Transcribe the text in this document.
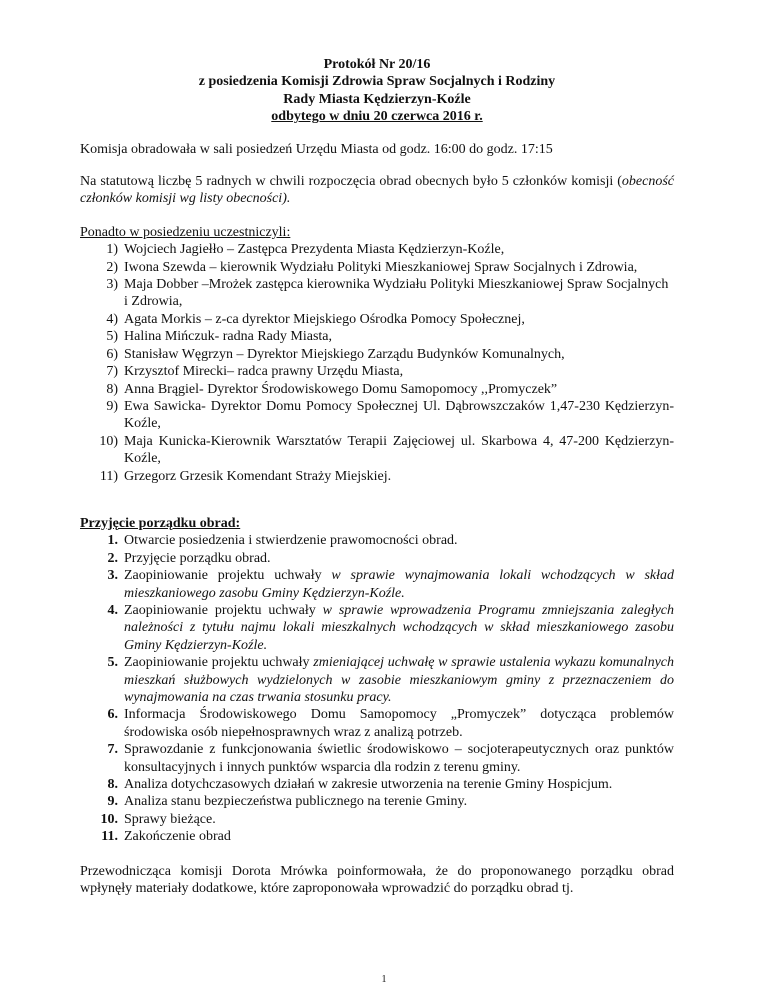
Protokół Nr 20/16
z posiedzenia Komisji Zdrowia Spraw Socjalnych i Rodziny
Rady Miasta Kędzierzyn-Koźle
odbytego w dniu 20 czerwca 2016 r.
Komisja obradowała w sali posiedzeń Urzędu Miasta od godz. 16:00 do godz. 17:15
Na statutową liczbę 5 radnych w chwili rozpoczęcia obrad obecnych było 5 członków komisji (obecność członków komisji wg listy obecności).
Ponadto w posiedzeniu uczestniczyli:
1) Wojciech Jagiełło – Zastępca Prezydenta Miasta Kędzierzyn-Koźle,
2) Iwona Szewda – kierownik Wydziału Polityki Mieszkaniowej Spraw Socjalnych i Zdrowia,
3) Maja Dobber –Mrożek zastępca kierownika Wydziału Polityki Mieszkaniowej Spraw Socjalnych
i Zdrowia,
4) Agata Morkis – z-ca dyrektor Miejskiego Ośrodka Pomocy Społecznej,
5) Halina Mińczuk- radna Rady Miasta,
6) Stanisław Węgrzyn – Dyrektor Miejskiego Zarządu Budynków Komunalnych,
7) Krzysztof Mirecki– radca prawny Urzędu Miasta,
8) Anna Brągiel- Dyrektor Środowiskowego Domu Samopomocy ,,Promyczek”
9) Ewa Sawicka- Dyrektor Domu Pomocy Społecznej Ul. Dąbrowszczaków 1,47-230 Kędzierzyn-Koźle,
10) Maja Kunicka-Kierownik Warsztatów Terapii Zajęciowej ul. Skarbowa 4, 47-200 Kędzierzyn-Koźle,
11) Grzegorz Grzesik Komendant Straży Miejskiej.
Przyjęcie porządku obrad:
1. Otwarcie posiedzenia i stwierdzenie prawomocności obrad.
2. Przyjęcie porządku obrad.
3. Zaopiniowanie projektu uchwały w sprawie wynajmowania lokali wchodzących w skład mieszkaniowego zasobu Gminy Kędzierzyn-Koźle.
4. Zaopiniowanie projektu uchwały w sprawie wprowadzenia Programu zmniejszania zaległych należności z tytułu najmu lokali mieszkalnych wchodzących w skład mieszkaniowego zasobu Gminy Kędzierzyn-Koźle.
5. Zaopiniowanie projektu uchwały zmieniającej uchwałę w sprawie ustalenia wykazu komunalnych mieszkań służbowych wydzielonych w zasobie mieszkaniowym gminy z przeznaczeniem do wynajmowania na czas trwania stosunku pracy.
6. Informacja Środowiskowego Domu Samopomocy „Promyczek” dotycząca problemów środowiska osób niepełnosprawnych wraz z analizą potrzeb.
7. Sprawozdanie z funkcjonowania świetlic środowiskowo – socjoterapeutycznych oraz punktów konsultacyjnych i innych punktów wsparcia dla rodzin z terenu gminy.
8. Analiza dotychczasowych działań w zakresie utworzenia na terenie Gminy Hospicjum.
9. Analiza stanu bezpieczeństwa publicznego na terenie Gminy.
10. Sprawy bieżące.
11. Zakończenie obrad
Przewodnicząca komisji Dorota Mrówka poinformowała, że do proponowanego porządku obrad wpłynęły materiały dodatkowe, które zaproponowała wprowadzić do porządku obrad tj.
1
